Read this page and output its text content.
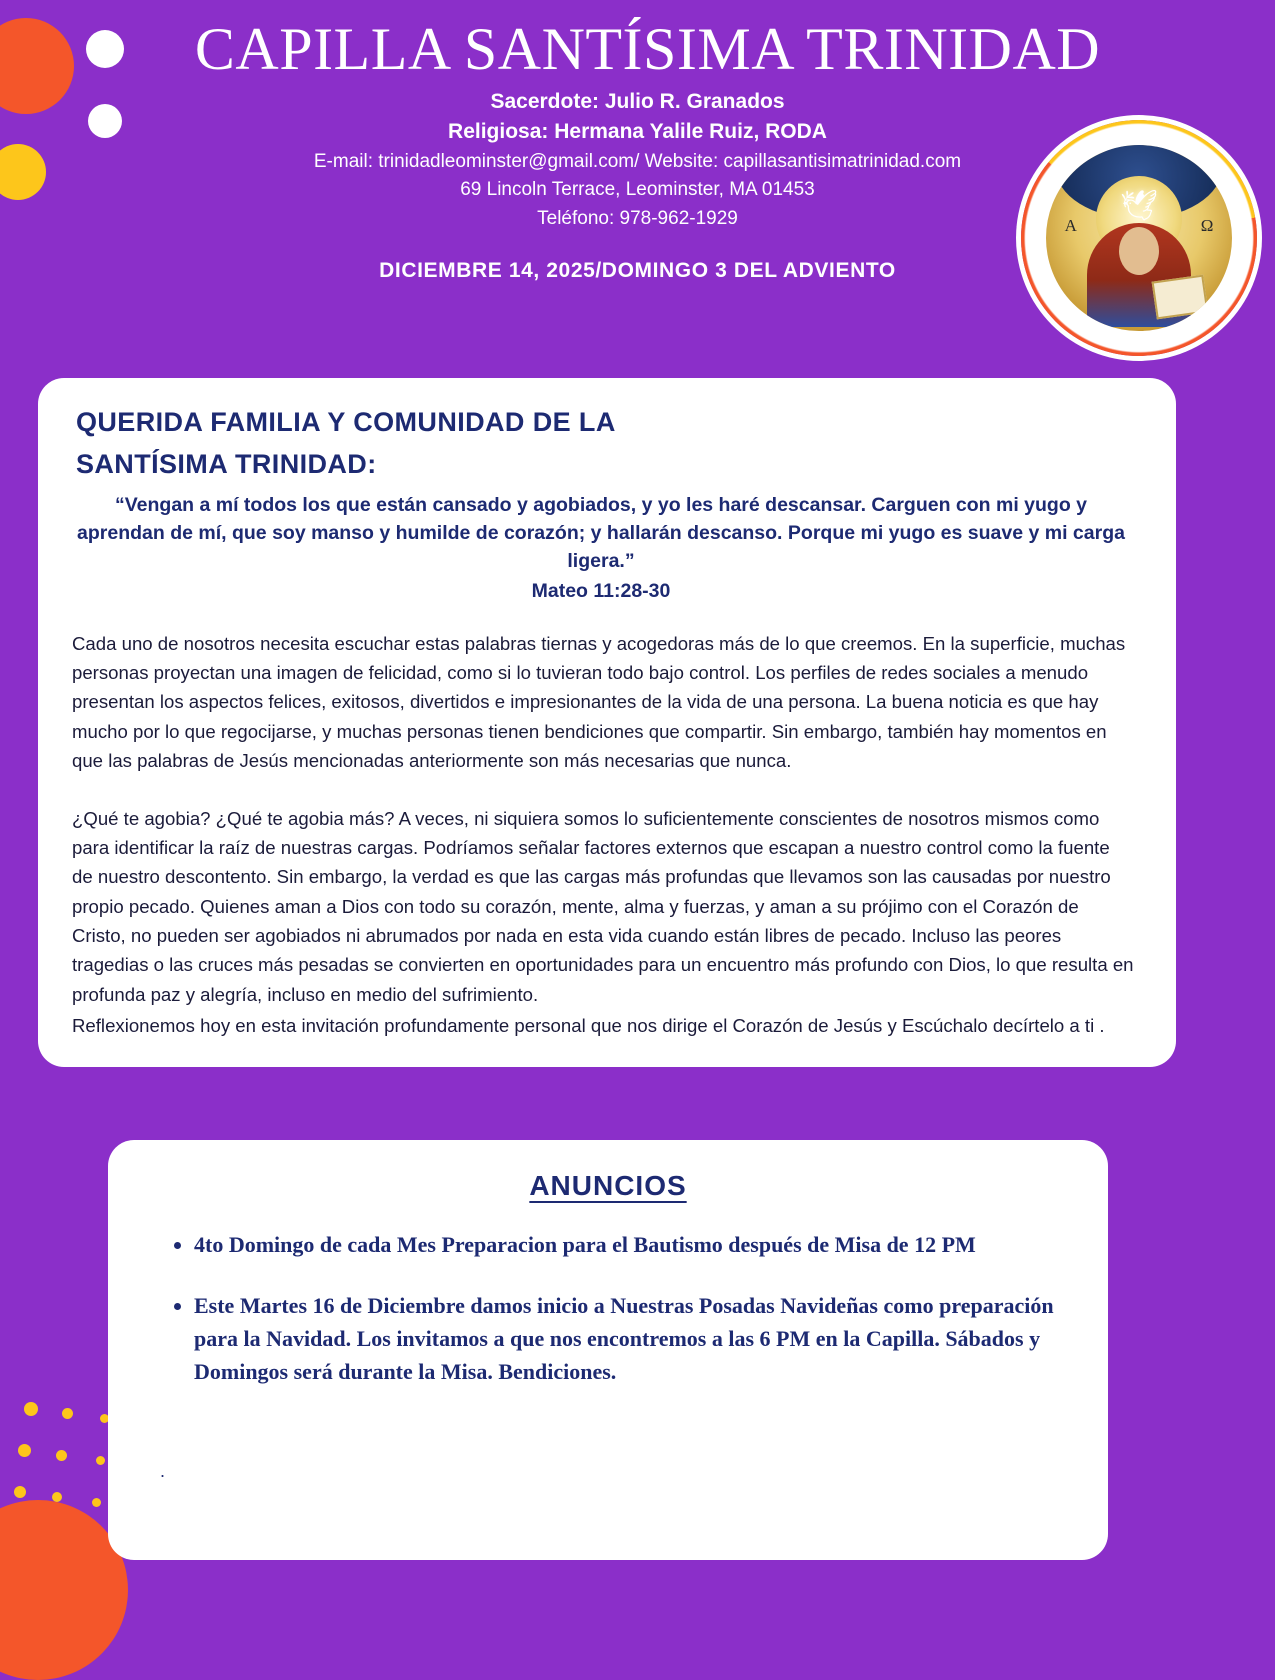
CAPILLA SANTÍSIMA TRINIDAD

Sacerdote: Julio R. Granados

Religiosa: Hermana Yalile Ruiz, RODA

E-mail: trinidadleominster@gmail.com/ Website: capillasantisimatrinidad.com

69 Lincoln Terrace, Leominster, MA 01453

Teléfono: 978-962-1929

DICIEMBRE 14, 2025/DOMINGO 3 DEL ADVIENTO

🕊
A	Ω
QUERIDA FAMILIA Y COMUNIDAD DE LA
SANTÍSIMA TRINIDAD:

“Vengan a mí todos los que están cansado y agobiados, y yo les haré descansar. Carguen con mi yugo y aprendan de mí, que soy manso y humilde de corazón; y hallarán descanso. Porque mi yugo es suave y mi carga ligera.”

Mateo 11:28-30

Cada uno de nosotros necesita escuchar estas palabras tiernas y acogedoras más de lo que creemos. En la superficie, muchas personas proyectan una imagen de felicidad, como si lo tuvieran todo bajo control. Los perfiles de redes sociales a menudo presentan los aspectos felices, exitosos, divertidos e impresionantes de la vida de una persona. La buena noticia es que hay mucho por lo que regocijarse, y muchas personas tienen bendiciones que compartir. Sin embargo, también hay momentos en que las palabras de Jesús mencionadas anteriormente son más necesarias que nunca.

¿Qué te agobia? ¿Qué te agobia más? A veces, ni siquiera somos lo suficientemente conscientes de nosotros mismos como para identificar la raíz de nuestras cargas. Podríamos señalar factores externos que escapan a nuestro control como la fuente de nuestro descontento. Sin embargo, la verdad es que las cargas más profundas que llevamos son las causadas por nuestro propio pecado. Quienes aman a Dios con todo su corazón, mente, alma y fuerzas, y aman a su prójimo con el Corazón de Cristo, no pueden ser agobiados ni abrumados por nada en esta vida cuando están libres de pecado. Incluso las peores tragedias o las cruces más pesadas se convierten en oportunidades para un encuentro más profundo con Dios, lo que resulta en profunda paz y alegría, incluso en medio del sufrimiento.

Reflexionemos hoy en esta invitación profundamente personal que nos dirige el Corazón de Jesús y Escúchalo decírtelo a ti .

ANUNCIOS
• 4to Domingo de cada Mes Preparacion para el Bautismo después de Misa de 12 PM
• Este Martes 16 de Diciembre damos inicio a Nuestras Posadas Navideñas como preparación para la Navidad. Los invitamos a que nos encontremos a las 6 PM en la Capilla. Sábados y Domingos será durante la Misa. Bendiciones.
.
